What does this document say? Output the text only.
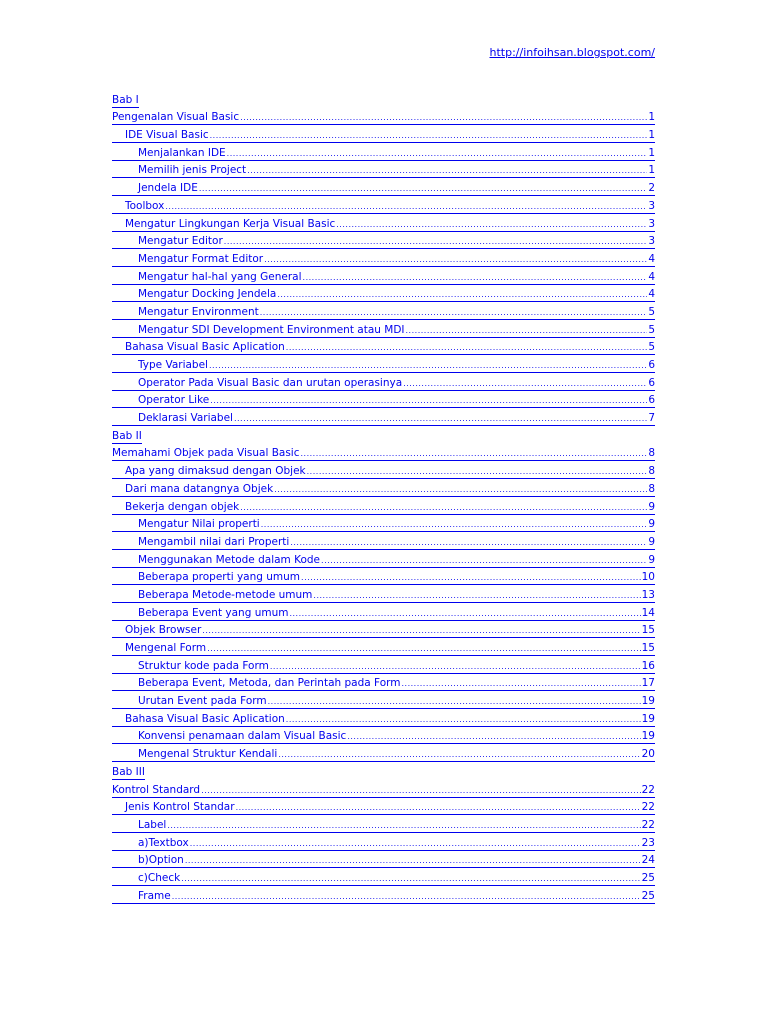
http://infoihsan.blogspot.com/
Bab I
Pengenalan Visual Basic .....	1
IDE Visual Basic .....	1
Menjalankan IDE .....	1
Memilih jenis Project .....	1
Jendela IDE .....	2
Toolbox .....	3
Mengatur Lingkungan Kerja Visual Basic .....	3
Mengatur Editor .....	3
Mengatur Format Editor .....	4
Mengatur hal-hal yang General .....	4
Mengatur Docking Jendela .....	4
Mengatur Environment .....	5
Mengatur SDI Development Environment atau MDI .....	5
Bahasa Visual Basic Aplication .....	5
Type Variabel .....	6
Operator Pada Visual Basic dan urutan operasinya .....	6
Operator Like .....	6
Deklarasi Variabel .....	7
Bab II
Memahami Objek pada Visual Basic .....	8
Apa yang dimaksud dengan Objek .....	8
Dari mana datangnya Objek .....	8
Bekerja dengan objek .....	9
Mengatur Nilai properti .....	9
Mengambil nilai dari Properti .....	9
Menggunakan Metode dalam Kode .....	9
Beberapa properti yang umum .....	10
Beberapa Metode-metode umum .....	13
Beberapa Event yang umum .....	14
Objek Browser .....	15
Mengenal Form .....	15
Struktur kode pada Form .....	16
Beberapa Event, Metoda, dan Perintah pada Form .....	17
Urutan Event pada Form .....	19
Bahasa Visual Basic Aplication .....	19
Konvensi penamaan dalam Visual Basic .....	19
Mengenal Struktur Kendali .....	20
Bab III
Kontrol Standard .....	22
Jenis Kontrol Standar .....	22
Label .....	22
a)Textbox .....	23
b)Option .....	24
c)Check .....	25
Frame .....	25
